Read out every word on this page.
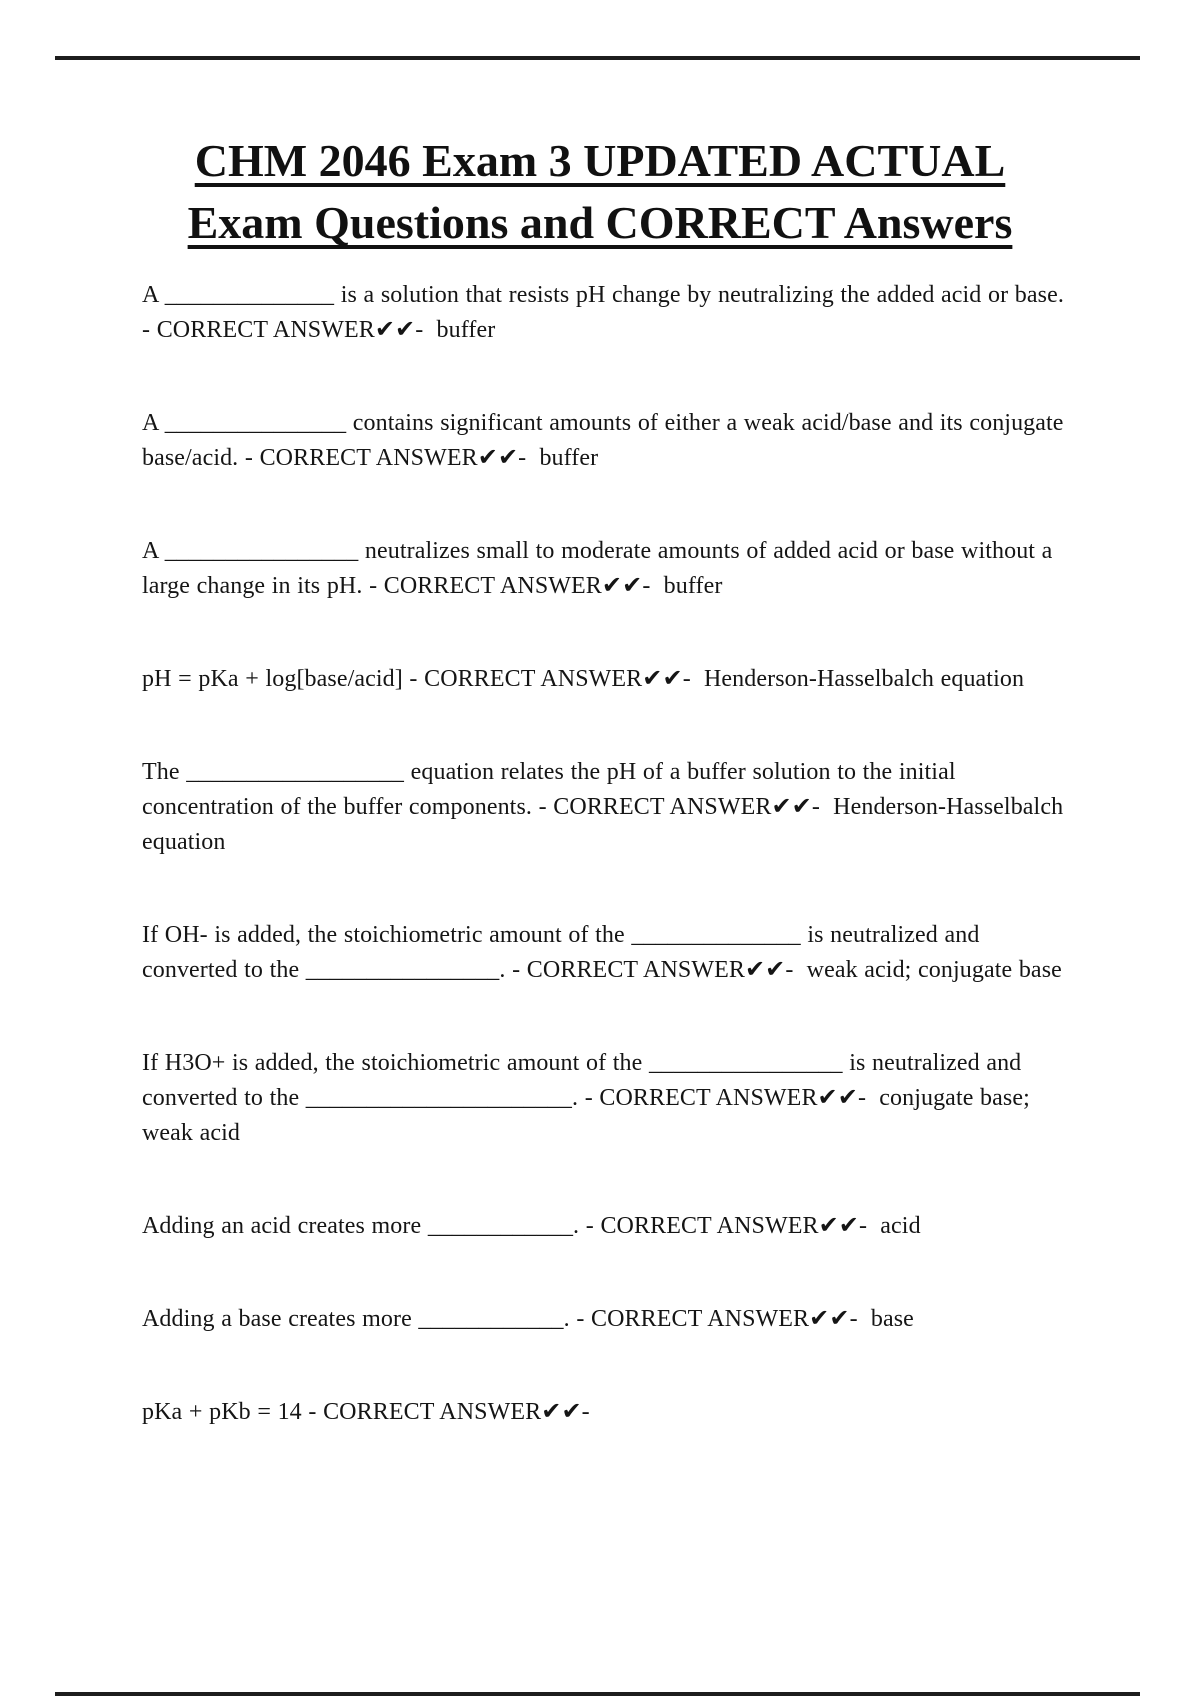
CHM 2046 Exam 3 UPDATED ACTUAL
Exam Questions and CORRECT Answers

A ______________ is a solution that resists pH change by neutralizing the added acid or base. - CORRECT ANSWER✔✔-  buffer

A _______________ contains significant amounts of either a weak acid/base and its conjugate base/acid. - CORRECT ANSWER✔✔-  buffer

A ________________ neutralizes small to moderate amounts of added acid or base without a large change in its pH. - CORRECT ANSWER✔✔-  buffer

pH = pKa + log[base/acid] - CORRECT ANSWER✔✔-  Henderson-Hasselbalch equation

The __________________ equation relates the pH of a buffer solution to the initial concentration of the buffer components. - CORRECT ANSWER✔✔-  Henderson-Hasselbalch equation

If OH- is added, the stoichiometric amount of the ______________ is neutralized and converted to the ________________. - CORRECT ANSWER✔✔-  weak acid; conjugate base

If H3O+ is added, the stoichiometric amount of the ________________ is neutralized and converted to the ______________________. - CORRECT ANSWER✔✔-  conjugate base; weak acid

Adding an acid creates more ____________. - CORRECT ANSWER✔✔-  acid

Adding a base creates more ____________. - CORRECT ANSWER✔✔-  base

pKa + pKb = 14 - CORRECT ANSWER✔✔-
